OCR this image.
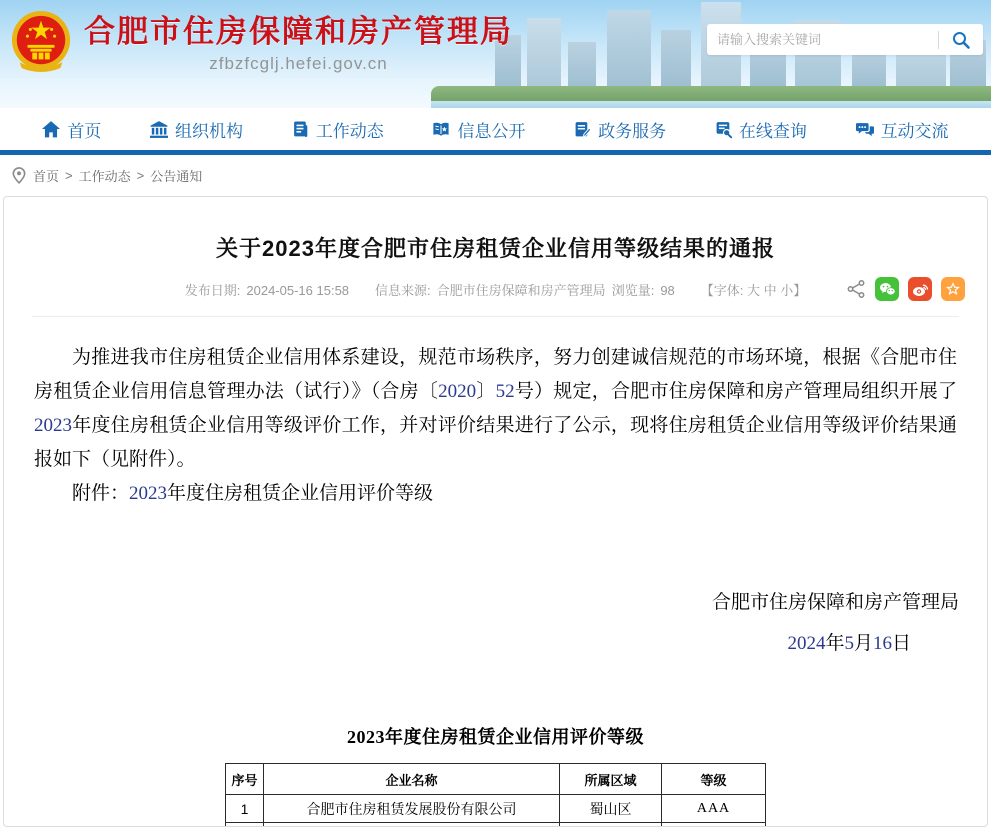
合肥市住房保障和房产管理局
zfbzfcglj.hefei.gov.cn
请输入搜索关键词
首页	组织机构	工作动态	信息公开	政务服务	在线查询	互动交流
首页 > 工作动态 > 公告通知
关于2023年度合肥市住房租赁企业信用等级结果的通报
发布日期: 2024-05-16 15:58 信息来源: 合肥市住房保障和房产管理局 浏览量: 98 【字体: 大 中 小】

为推进我市住房租赁企业信用体系建设，规范市场秩序，努力创建诚信规范的市场环境，根据《合肥市住房租赁企业信用信息管理办法（试行）》（合房〔2020〕52号）规定，合肥市住房保障和房产管理局组织开展了2023年度住房租赁企业信用等级评价工作，并对评价结果进行了公示，现将住房租赁企业信用等级评价结果通报如下（见附件）。

附件：2023年度住房租赁企业信用评价等级

合肥市住房保障和房产管理局
2024年5月16日
2023年度住房租赁企业信用评价等级
序号	企业名称	所属区域	等级
1	合肥市住房租赁发展股份有限公司	蜀山区	AAA
